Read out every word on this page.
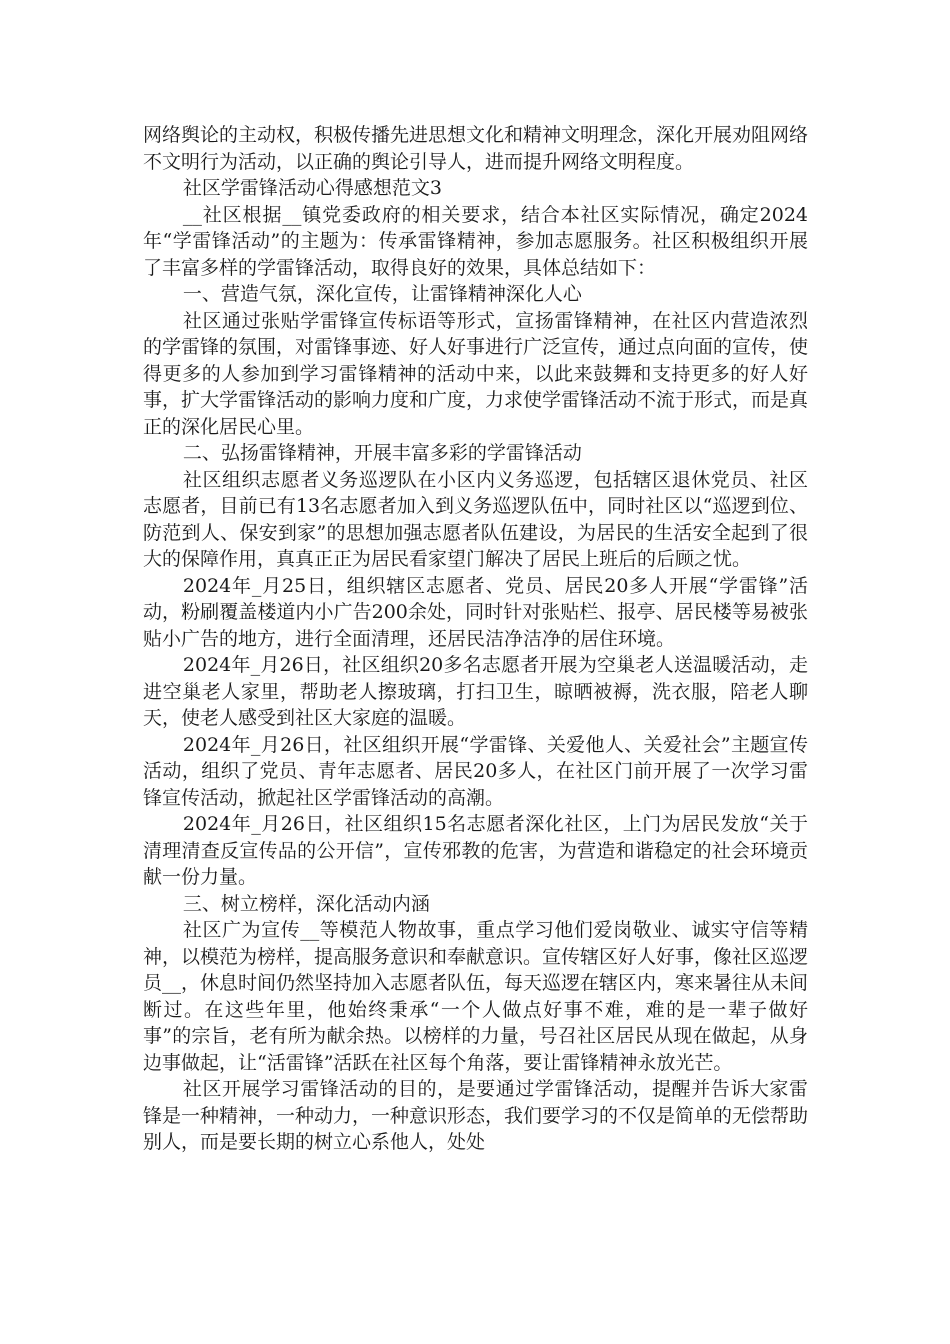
网络舆论的主动权，积极传播先进思想文化和精神文明理念，深化开展劝阻网络不文明行为活动，以正确的舆论引导人，进而提升网络文明程度。

社区学雷锋活动心得感想范文3

__社区根据__镇党委政府的相关要求，结合本社区实际情况，确定2024年“学雷锋活动”的主题为：传承雷锋精神，参加志愿服务。社区积极组织开展了丰富多样的学雷锋活动，取得良好的效果，具体总结如下：

一、营造气氛，深化宣传，让雷锋精神深化人心

社区通过张贴学雷锋宣传标语等形式，宣扬雷锋精神，在社区内营造浓烈的学雷锋的氛围，对雷锋事迹、好人好事进行广泛宣传，通过点向面的宣传，使得更多的人参加到学习雷锋精神的活动中来，以此来鼓舞和支持更多的好人好事，扩大学雷锋活动的影响力度和广度，力求使学雷锋活动不流于形式，而是真正的深化居民心里。

二、弘扬雷锋精神，开展丰富多彩的学雷锋活动

社区组织志愿者义务巡逻队在小区内义务巡逻，包括辖区退休党员、社区志愿者，目前已有13名志愿者加入到义务巡逻队伍中，同时社区以“巡逻到位、防范到人、保安到家”的思想加强志愿者队伍建设，为居民的生活安全起到了很大的保障作用，真真正正为居民看家望门解决了居民上班后的后顾之忧。

2024年_月25日，组织辖区志愿者、党员、居民20多人开展“学雷锋”活动，粉刷覆盖楼道内小广告200余处，同时针对张贴栏、报亭、居民楼等易被张贴小广告的地方，进行全面清理，还居民洁净洁净的居住环境。

2024年_月26日，社区组织20多名志愿者开展为空巢老人送温暖活动，走进空巢老人家里，帮助老人擦玻璃，打扫卫生，晾晒被褥，洗衣服，陪老人聊天，使老人感受到社区大家庭的温暖。

2024年_月26日，社区组织开展“学雷锋、关爱他人、关爱社会”主题宣传活动，组织了党员、青年志愿者、居民20多人，在社区门前开展了一次学习雷锋宣传活动，掀起社区学雷锋活动的高潮。

2024年_月26日，社区组织15名志愿者深化社区，上门为居民发放“关于清理清查反宣传品的公开信”，宣传邪教的危害，为营造和谐稳定的社会环境贡献一份力量。

三、树立榜样，深化活动内涵

社区广为宣传__等模范人物故事，重点学习他们爱岗敬业、诚实守信等精神，以模范为榜样，提高服务意识和奉献意识。宣传辖区好人好事，像社区巡逻员__，休息时间仍然坚持加入志愿者队伍，每天巡逻在辖区内，寒来暑往从未间断过。在这些年里，他始终秉承“一个人做点好事不难，难的是一辈子做好事”的宗旨，老有所为献余热。以榜样的力量，号召社区居民从现在做起，从身边事做起，让“活雷锋”活跃在社区每个角落，要让雷锋精神永放光芒。

社区开展学习雷锋活动的目的，是要通过学雷锋活动，提醒并告诉大家雷锋是一种精神，一种动力，一种意识形态，我们要学习的不仅是简单的无偿帮助别人，而是要长期的树立心系他人，处处
